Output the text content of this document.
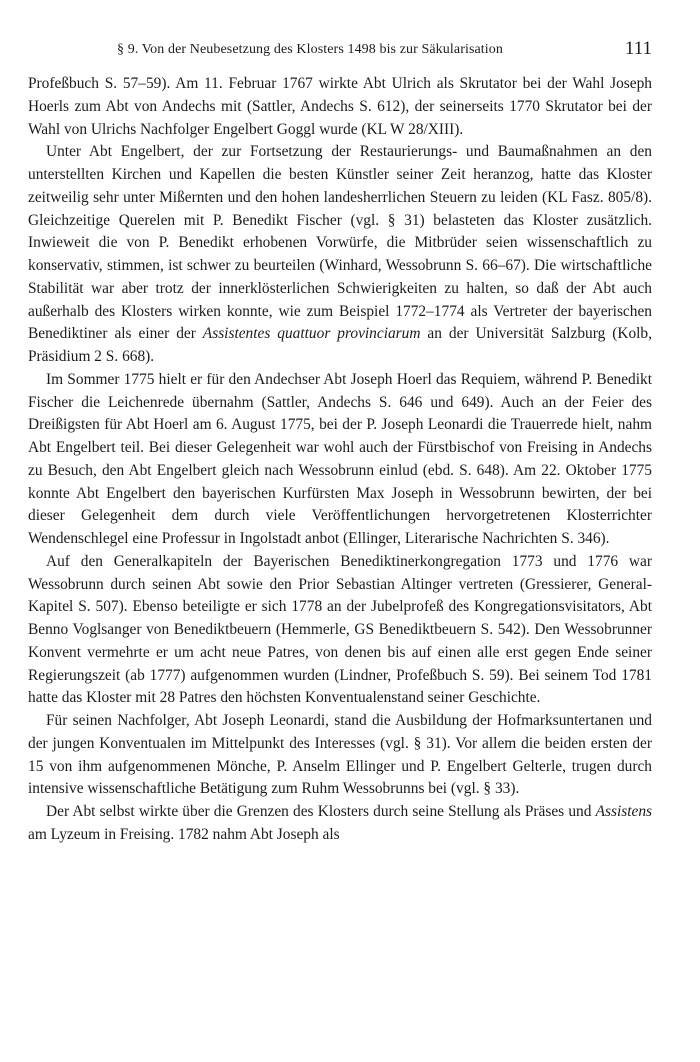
§ 9. Von der Neubesetzung des Klosters 1498 bis zur Säkularisation	111

Profeßbuch S. 57–59). Am 11. Februar 1767 wirkte Abt Ulrich als Skrutator bei der Wahl Joseph Hoerls zum Abt von Andechs mit (Sattler, Andechs S. 612), der seinerseits 1770 Skrutator bei der Wahl von Ulrichs Nachfolger Engelbert Goggl wurde (KL W 28/XIII).

Unter Abt Engelbert, der zur Fortsetzung der Restaurierungs- und Baumaßnahmen an den unterstellten Kirchen und Kapellen die besten Künstler seiner Zeit heranzog, hatte das Kloster zeitweilig sehr unter Mißernten und den hohen landesherrlichen Steuern zu leiden (KL Fasz. 805/8). Gleichzeitige Querelen mit P. Benedikt Fischer (vgl. § 31) belasteten das Kloster zusätzlich. Inwieweit die von P. Benedikt erhobenen Vorwürfe, die Mitbrüder seien wissenschaftlich zu konservativ, stimmen, ist schwer zu beurteilen (Winhard, Wessobrunn S. 66–67). Die wirtschaftliche Stabilität war aber trotz der innerklösterlichen Schwierigkeiten zu halten, so daß der Abt auch außerhalb des Klosters wirken konnte, wie zum Beispiel 1772–1774 als Vertreter der bayerischen Benediktiner als einer der Assistentes quattuor provinciarum an der Universität Salzburg (Kolb, Präsidium 2 S. 668).

Im Sommer 1775 hielt er für den Andechser Abt Joseph Hoerl das Requiem, während P. Benedikt Fischer die Leichenrede übernahm (Sattler, Andechs S. 646 und 649). Auch an der Feier des Dreißigsten für Abt Hoerl am 6. August 1775, bei der P. Joseph Leonardi die Trauerrede hielt, nahm Abt Engelbert teil. Bei dieser Gelegenheit war wohl auch der Fürstbischof von Freising in Andechs zu Besuch, den Abt Engelbert gleich nach Wessobrunn einlud (ebd. S. 648). Am 22. Oktober 1775 konnte Abt Engelbert den bayerischen Kurfürsten Max Joseph in Wessobrunn bewirten, der bei dieser Gelegenheit dem durch viele Veröffentlichungen hervorgetretenen Klosterrichter Wendenschlegel eine Professur in Ingolstadt anbot (Ellinger, Literarische Nachrichten S. 346).

Auf den Generalkapiteln der Bayerischen Benediktinerkongregation 1773 und 1776 war Wessobrunn durch seinen Abt sowie den Prior Sebastian Altinger vertreten (Gressierer, General-Kapitel S. 507). Ebenso beteiligte er sich 1778 an der Jubelprofeß des Kongregationsvisitators, Abt Benno Voglsanger von Benediktbeuern (Hemmerle, GS Benediktbeuern S. 542). Den Wessobrunner Konvent vermehrte er um acht neue Patres, von denen bis auf einen alle erst gegen Ende seiner Regierungszeit (ab 1777) aufgenommen wurden (Lindner, Profeßbuch S. 59). Bei seinem Tod 1781 hatte das Kloster mit 28 Patres den höchsten Konventualenstand seiner Geschichte.

Für seinen Nachfolger, Abt Joseph Leonardi, stand die Ausbildung der Hofmarksuntertanen und der jungen Konventualen im Mittelpunkt des Interesses (vgl. § 31). Vor allem die beiden ersten der 15 von ihm aufgenommenen Mönche, P. Anselm Ellinger und P. Engelbert Gelterle, trugen durch intensive wissenschaftliche Betätigung zum Ruhm Wessobrunns bei (vgl. § 33).

Der Abt selbst wirkte über die Grenzen des Klosters durch seine Stellung als Präses und Assistens am Lyzeum in Freising. 1782 nahm Abt Joseph als
